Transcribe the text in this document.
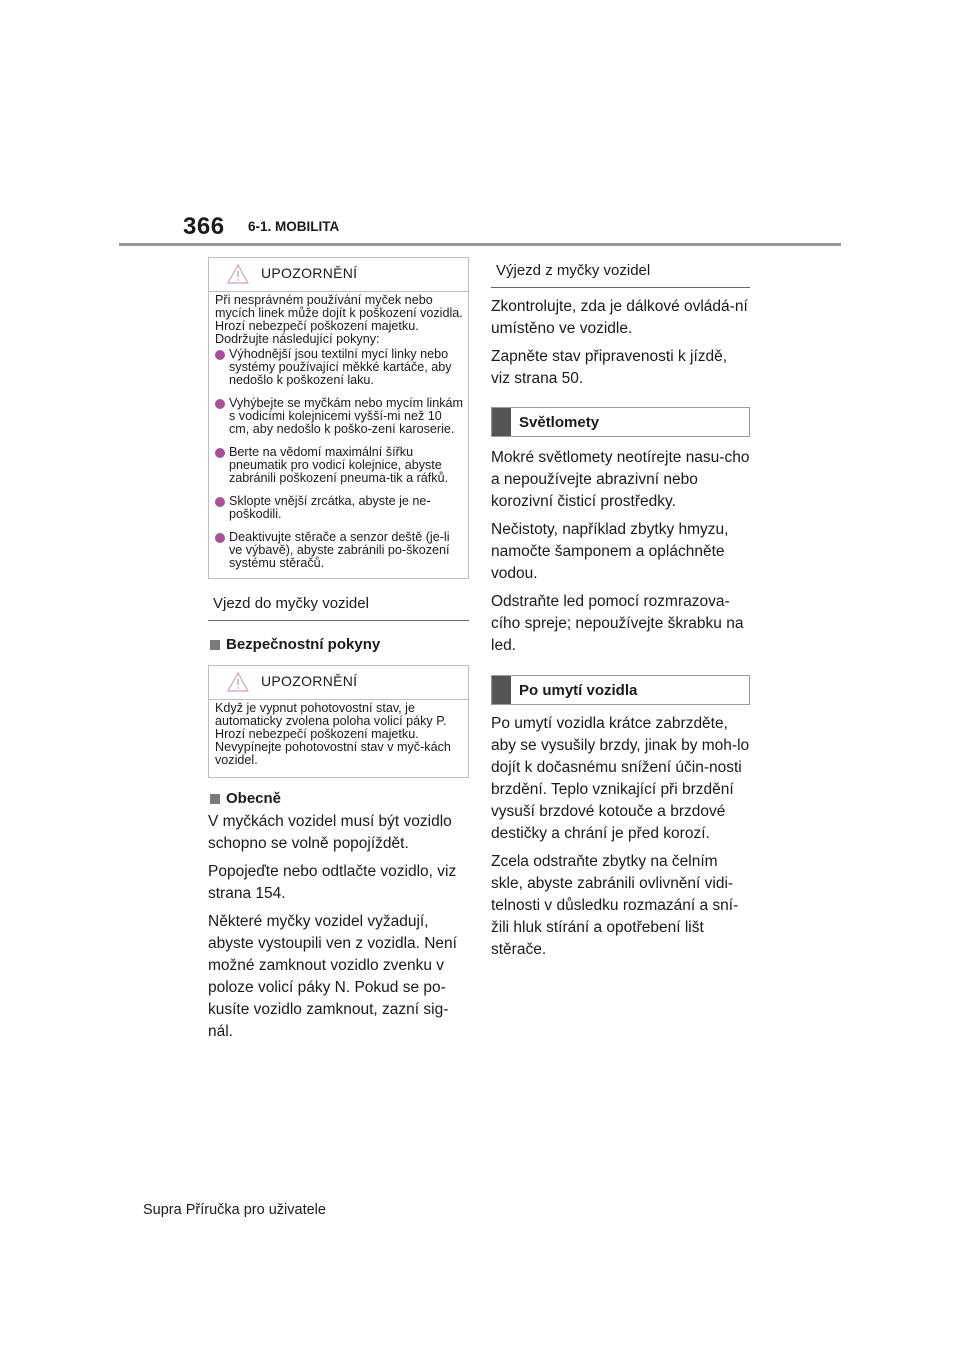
366 6-1. MOBILITA
UPOZORNĚNÍ

Při nesprávném používání myček nebo mycích linek může dojít k poškození vozidla. Hrozí nebezpečí poškození majetku. Dodržujte následující pokyny:

Výhodnější jsou textilní mycí linky nebo systémy používající měkké kartáče, aby nedošlo k poškození laku.
Vyhýbejte se myčkám nebo mycím linkám s vodicími kolejnicemi vyšší-mi než 10 cm, aby nedošlo k poško-zení karoserie.
Berte na vědomí maximální šířku pneumatik pro vodicí kolejnice, abyste zabránili poškození pneuma-tik a ráfků.
Sklopte vnější zrcátka, abyste je ne-poškodili.
Deaktivujte stěrače a senzor deště (je-li ve výbavě), abyste zabránili po-škození systému stěračů.
Vjezd do myčky vozidel
Bezpečnostní pokyny
UPOZORNĚNÍ

Když je vypnut pohotovostní stav, je automaticky zvolena poloha volicí páky P. Hrozí nebezpečí poškození majetku. Nevypínejte pohotovostní stav v myč-kách vozidel.

Obecně

V myčkách vozidel musí být vozidlo schopno se volně popojíždět.

Popojeďte nebo odtlačte vozidlo, viz strana 154.

Některé myčky vozidel vyžadují, abyste vystoupili ven z vozidla. Není možné zamknout vozidlo zvenku v poloze volicí páky N. Pokud se po-kusíte vozidlo zamknout, zazní sig-nál.

Výjezd z myčky vozidel

Zkontrolujte, zda je dálkové ovládá-ní umístěno ve vozidle.

Zapněte stav připravenosti k jízdě, viz strana 50.

Světlomety

Mokré světlomety neotírejte nasu-cho a nepoužívejte abrazivní nebo korozivní čisticí prostředky.

Nečistoty, například zbytky hmyzu, namočte šamponem a opláchněte vodou.

Odstraňte led pomocí rozmrazova-cího spreje; nepoužívejte škrabku na led.

Po umytí vozidla

Po umytí vozidla krátce zabrzděte, aby se vysušily brzdy, jinak by moh-lo dojít k dočasnému snížení účin-nosti brzdění. Teplo vznikající při brzdění vysuší brzdové kotouče a brzdové destičky a chrání je před korozí.

Zcela odstraňte zbytky na čelním skle, abyste zabránili ovlivnění vidi-telnosti v důsledku rozmazání a sní-žili hluk stírání a opotřebení lišt stěrače.

Supra Příručka pro uživatele
